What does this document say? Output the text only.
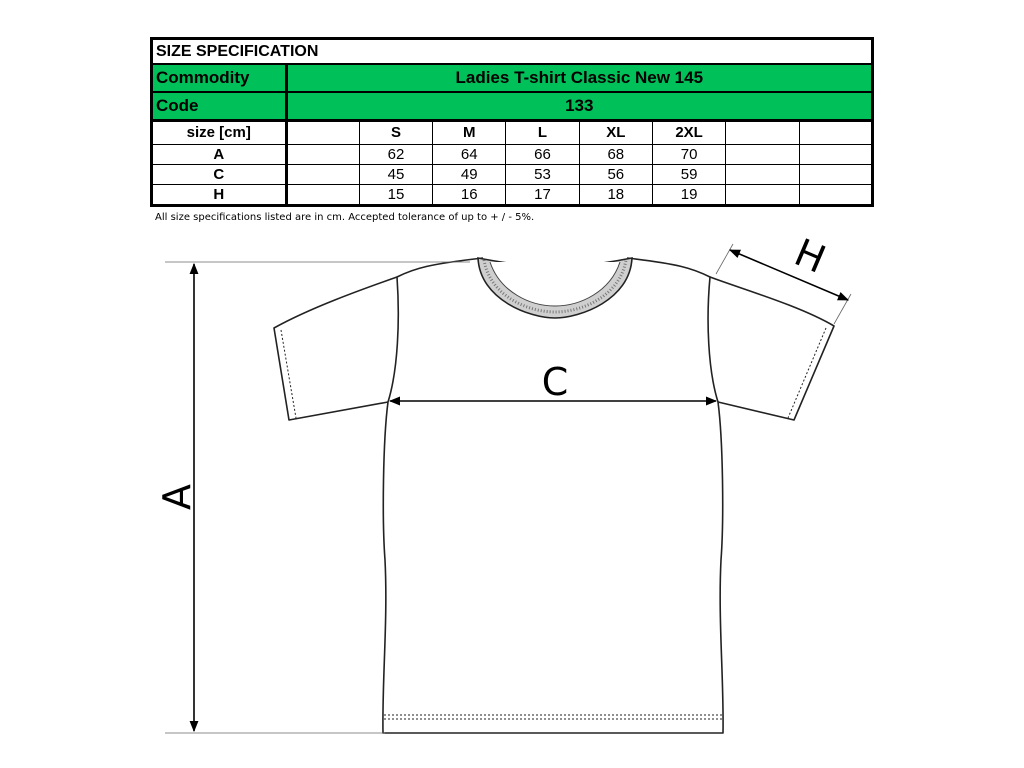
SIZE SPECIFICATION								
Commodity	Ladies T-shirt Classic New 145							
Code	133							
size [cm]		S	M	L	XL	2XL		
A		62	64	66	68	70		
C		45	49	53	56	59		
H		15	16	17	18	19		
All size specifications listed are in cm. Accepted tolerance of up to + / - 5%.
A
C
H
